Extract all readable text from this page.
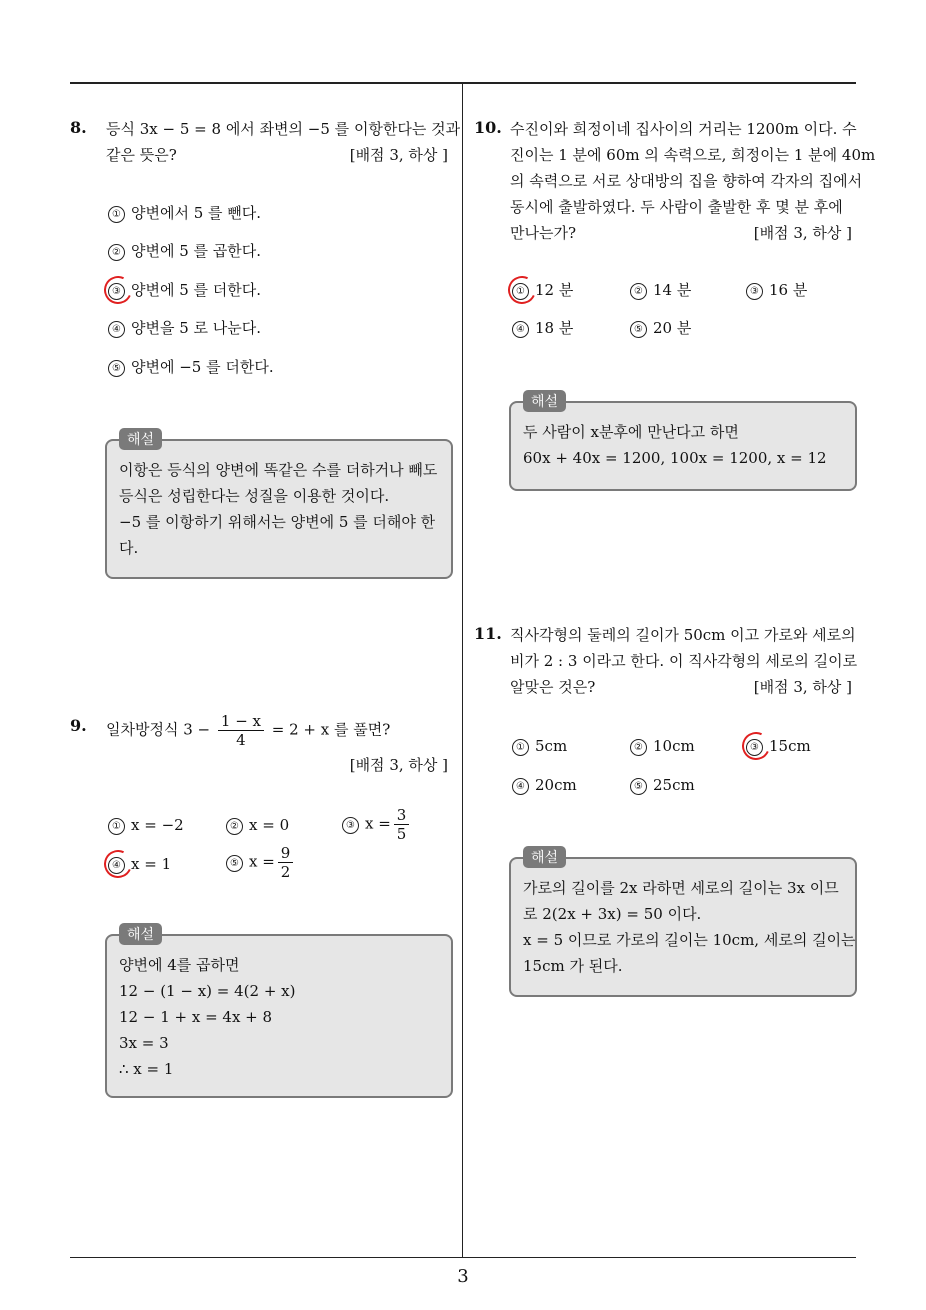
3
8. 등식 3x − 5 = 8 에서 좌변의 −5 를 이항한다는 것과
같은 뜻은?	[배점 3, 하상 ]
① 양변에서 5 를 뺀다.
② 양변에 5 를 곱한다.
③ 양변에 5 를 더한다.
④ 양변을 5 로 나눈다.
⑤ 양변에 −5 를 더한다.
해설
이항은 등식의 양변에 똑같은 수를 더하거나 빼도
등식은 성립한다는 성질을 이용한 것이다.
−5 를 이항하기 위해서는 양변에 5 를 더해야 한
다.
9. 일차방정식 $3 - \frac{1 - x}{4} = 2 + x$ 를 풀면?
[배점 3, 하상 ]
① x = −2	② x = 0	③ $x = \frac{3}{5}$
④ x = 1	⑤ $x = \frac{9}{2}$
해설
양변에 4를 곱하면
12 − (1 − x) = 4(2 + x)
12 − 1 + x = 4x + 8
3x = 3
∴ x = 1
10. 수진이와 희정이네 집사이의 거리는 1200m 이다. 수
진이는 1 분에 60m 의 속력으로, 희정이는 1 분에 40m
의 속력으로 서로 상대방의 집을 향하여 각자의 집에서
동시에 출발하였다. 두 사람이 출발한 후 몇 분 후에
만나는가?	[배점 3, 하상 ]
① 12 분	② 14 분	③ 16 분
④ 18 분	⑤ 20 분
해설
두 사람이 x분후에 만난다고 하면
60x + 40x = 1200, 100x = 1200, x = 12
11. 직사각형의 둘레의 길이가 50cm 이고 가로와 세로의
비가 2 : 3 이라고 한다. 이 직사각형의 세로의 길이로
알맞은 것은?	[배점 3, 하상 ]
① 5cm	② 10cm	③ 15cm
④ 20cm	⑤ 25cm
해설
가로의 길이를 2x 라하면 세로의 길이는 3x 이므
로 2(2x + 3x) = 50 이다.
x = 5 이므로 가로의 길이는 10cm, 세로의 길이는
15cm 가 된다.
